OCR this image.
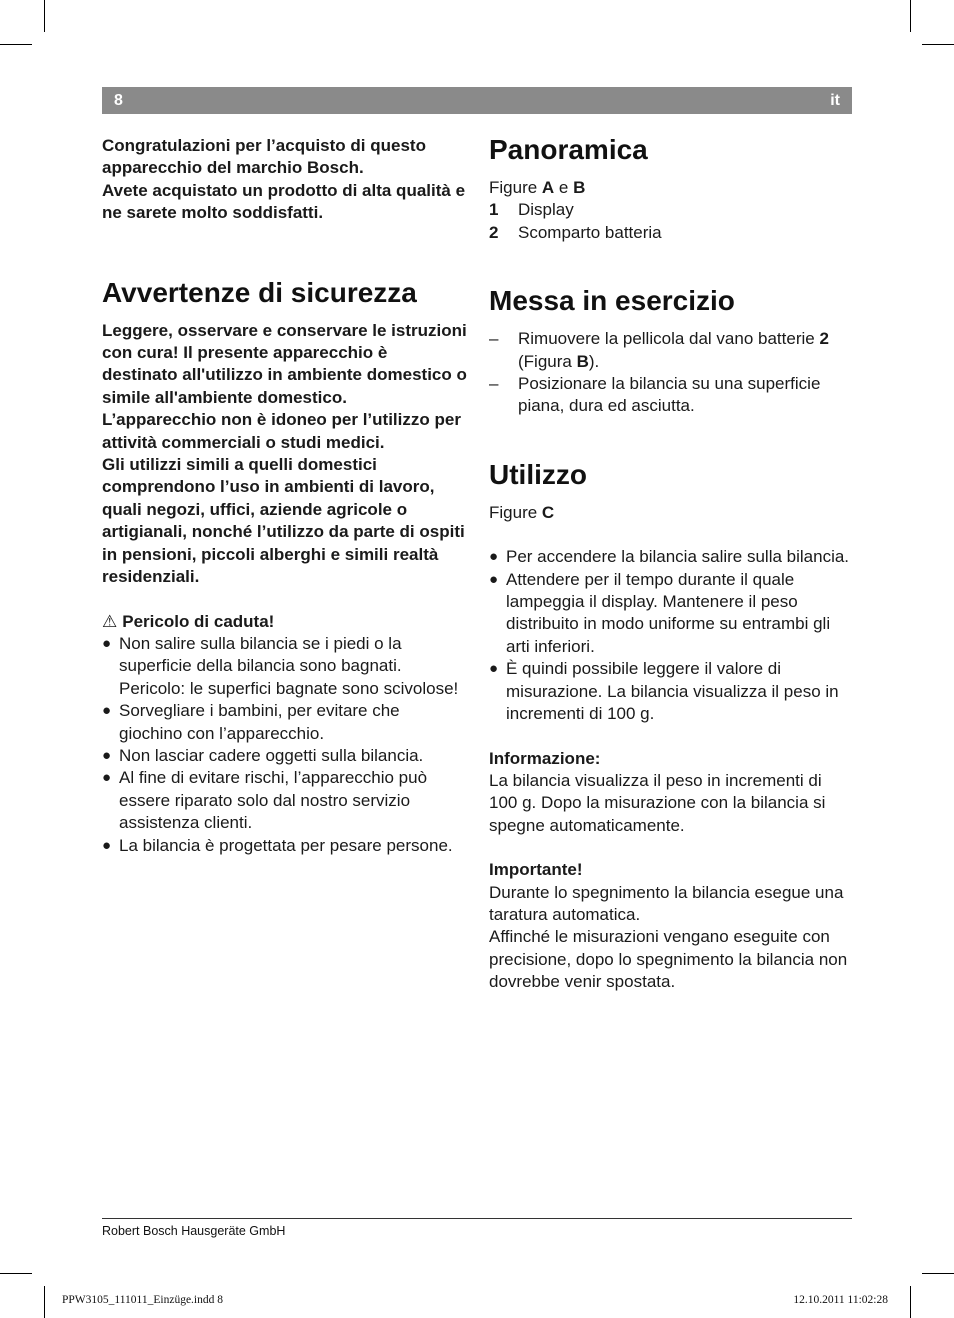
8	it

Congratulazioni per l’acquisto di questo apparecchio del marchio Bosch.

Avete acquistato un prodotto di alta qualità e ne sarete molto soddisfatti.

Avvertenze di sicurezza

Leggere, osservare e conservare le istruzioni con cura! Il presente apparecchio è destinato all'utilizzo in ambiente domestico o simile all'ambiente domestico.

L’apparecchio non è idoneo per l’utilizzo per attività commerciali o studi medici.

Gli utilizzi simili a quelli domestici comprendono l’uso in ambienti di lavoro, quali negozi, uffici, aziende agricole o artigianali, nonché l’utilizzo da parte di ospiti in pensioni, piccoli alberghi e simili realtà residenziali.

⚠ Pericolo di caduta!

● Non salire sulla bilancia se i piedi o la superficie della bilancia sono bagnati. Pericolo: le superfici bagnate sono scivolose!
● Sorvegliare i bambini, per evitare che giochino con l’apparecchio.
● Non lasciar cadere oggetti sulla bilancia.
● Al fine di evitare rischi, l’apparecchio può essere riparato solo dal nostro servizio assistenza clienti.
● La bilancia è progettata per pesare persone.
Panoramica

Figure A e B

1 Display
2 Scomparto batteria
Messa in esercizio
– Rimuovere la pellicola dal vano batterie 2 (Figura B).
– Posizionare la bilancia su una superficie piana, dura ed asciutta.
Utilizzo

Figure C

● Per accendere la bilancia salire sulla bilancia.
● Attendere per il tempo durante il quale lampeggia il display. Mantenere il peso distribuito in modo uniforme su entrambi gli arti inferiori.
● È quindi possibile leggere il valore di misurazione. La bilancia visualizza il peso in incrementi di 100 g.

Informazione:

La bilancia visualizza il peso in incrementi di 100 g. Dopo la misurazione con la bilancia si spegne automaticamente.

Importante!

Durante lo spegnimento la bilancia esegue una taratura automatica.

Affinché le misurazioni vengano eseguite con precisione, dopo lo spegnimento la bilancia non dovrebbe venir spostata.

Robert Bosch Hausgeräte GmbH
PPW3105_111011_Einzüge.indd 8	12.10.2011 11:02:28
